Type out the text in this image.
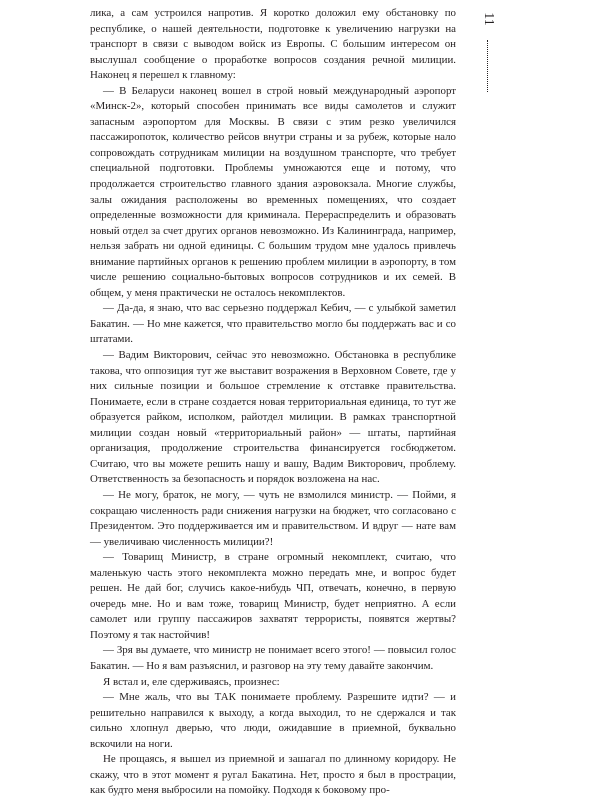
лика, а сам устроился напротив. Я коротко доложил ему обстановку по республике, о нашей деятельности, подготовке к увеличению нагрузки на транспорт в связи с выводом войск из Европы. С большим интересом он выслушал сообщение о проработке вопросов создания речной милиции. Наконец я перешел к главному:

— В Беларуси наконец вошел в строй новый международный аэропорт «Минск-2», который способен принимать все виды самолетов и служит запасным аэропортом для Москвы. В связи с этим резко увеличился пассажиропоток, количество рейсов внутри страны и за рубеж, которые нало сопровождать сотрудникам милиции на воздушном транспорте, что требует специальной подготовки. Проблемы умножаются еще и потому, что продолжается строительство главного здания аэровокзала. Многие службы, залы ожидания расположены во временных помещениях, что создает определенные возможности для криминала. Перераспределить и образовать новый отдел за счет других органов невозможно. Из Калининграда, например, нельзя забрать ни одной единицы. С большим трудом мне удалось привлечь внимание партийных органов к решению проблем милиции в аэропорту, в том числе решению социально-бытовых вопросов сотрудников и их семей. В общем, у меня практически не осталось некомплектов.

— Да-да, я знаю, что вас серьезно поддержал Кебич, — с улыбкой заметил Бакатин. — Но мне кажется, что правительство могло бы поддержать вас и со штатами.

— Вадим Викторович, сейчас это невозможно. Обстановка в республике такова, что оппозиция тут же выставит возражения в Верховном Совете, где у них сильные позиции и большое стремление к отставке правительства. Понимаете, если в стране создается новая территориальная единица, то тут же образуется райком, исполком, райотдел милиции. В рамках транспортной милиции создан новый «территориальный район» — штаты, партийная организация, продолжение строительства финансируется госбюджетом. Считаю, что вы можете решить нашу и вашу, Вадим Викторович, проблему. Ответственность за безопасность и порядок возложена на нас.

— Не могу, браток, не могу, — чуть не взмолился министр. — Пойми, я сокращаю численность ради снижения нагрузки на бюджет, что согласовано с Президентом. Это поддерживается им и правительством. И вдруг — нате вам — увеличиваю численность милиции?!

— Товарищ Министр, в стране огромный некомплект, считаю, что маленькую часть этого некомплекта можно передать мне, и вопрос будет решен. Не дай бог, случись какое-нибудь ЧП, отвечать, конечно, в первую очередь мне. Но и вам тоже, товарищ Министр, будет неприятно. А если самолет или группу пассажиров захватят террористы, появятся жертвы? Поэтому я так настойчив!

— Зря вы думаете, что министр не понимает всего этого! — повысил голос Бакатин. — Но я вам разъяснил, и разговор на эту тему давайте закончим.

Я встал и, еле сдерживаясь, произнес:

— Мне жаль, что вы ТАК понимаете проблему. Разрешите идти? — и решительно направился к выходу, а когда выходил, то не сдержался и так сильно хлопнул дверью, что люди, ожидавшие в приемной, буквально вскочили на ноги.

Не прощаясь, я вышел из приемной и зашагал по длинному коридору. Не скажу, что в этот момент я ругал Бакатина. Нет, просто я был в прострации, как будто меня выбросили на помойку. Подходя к боковому про-

11
